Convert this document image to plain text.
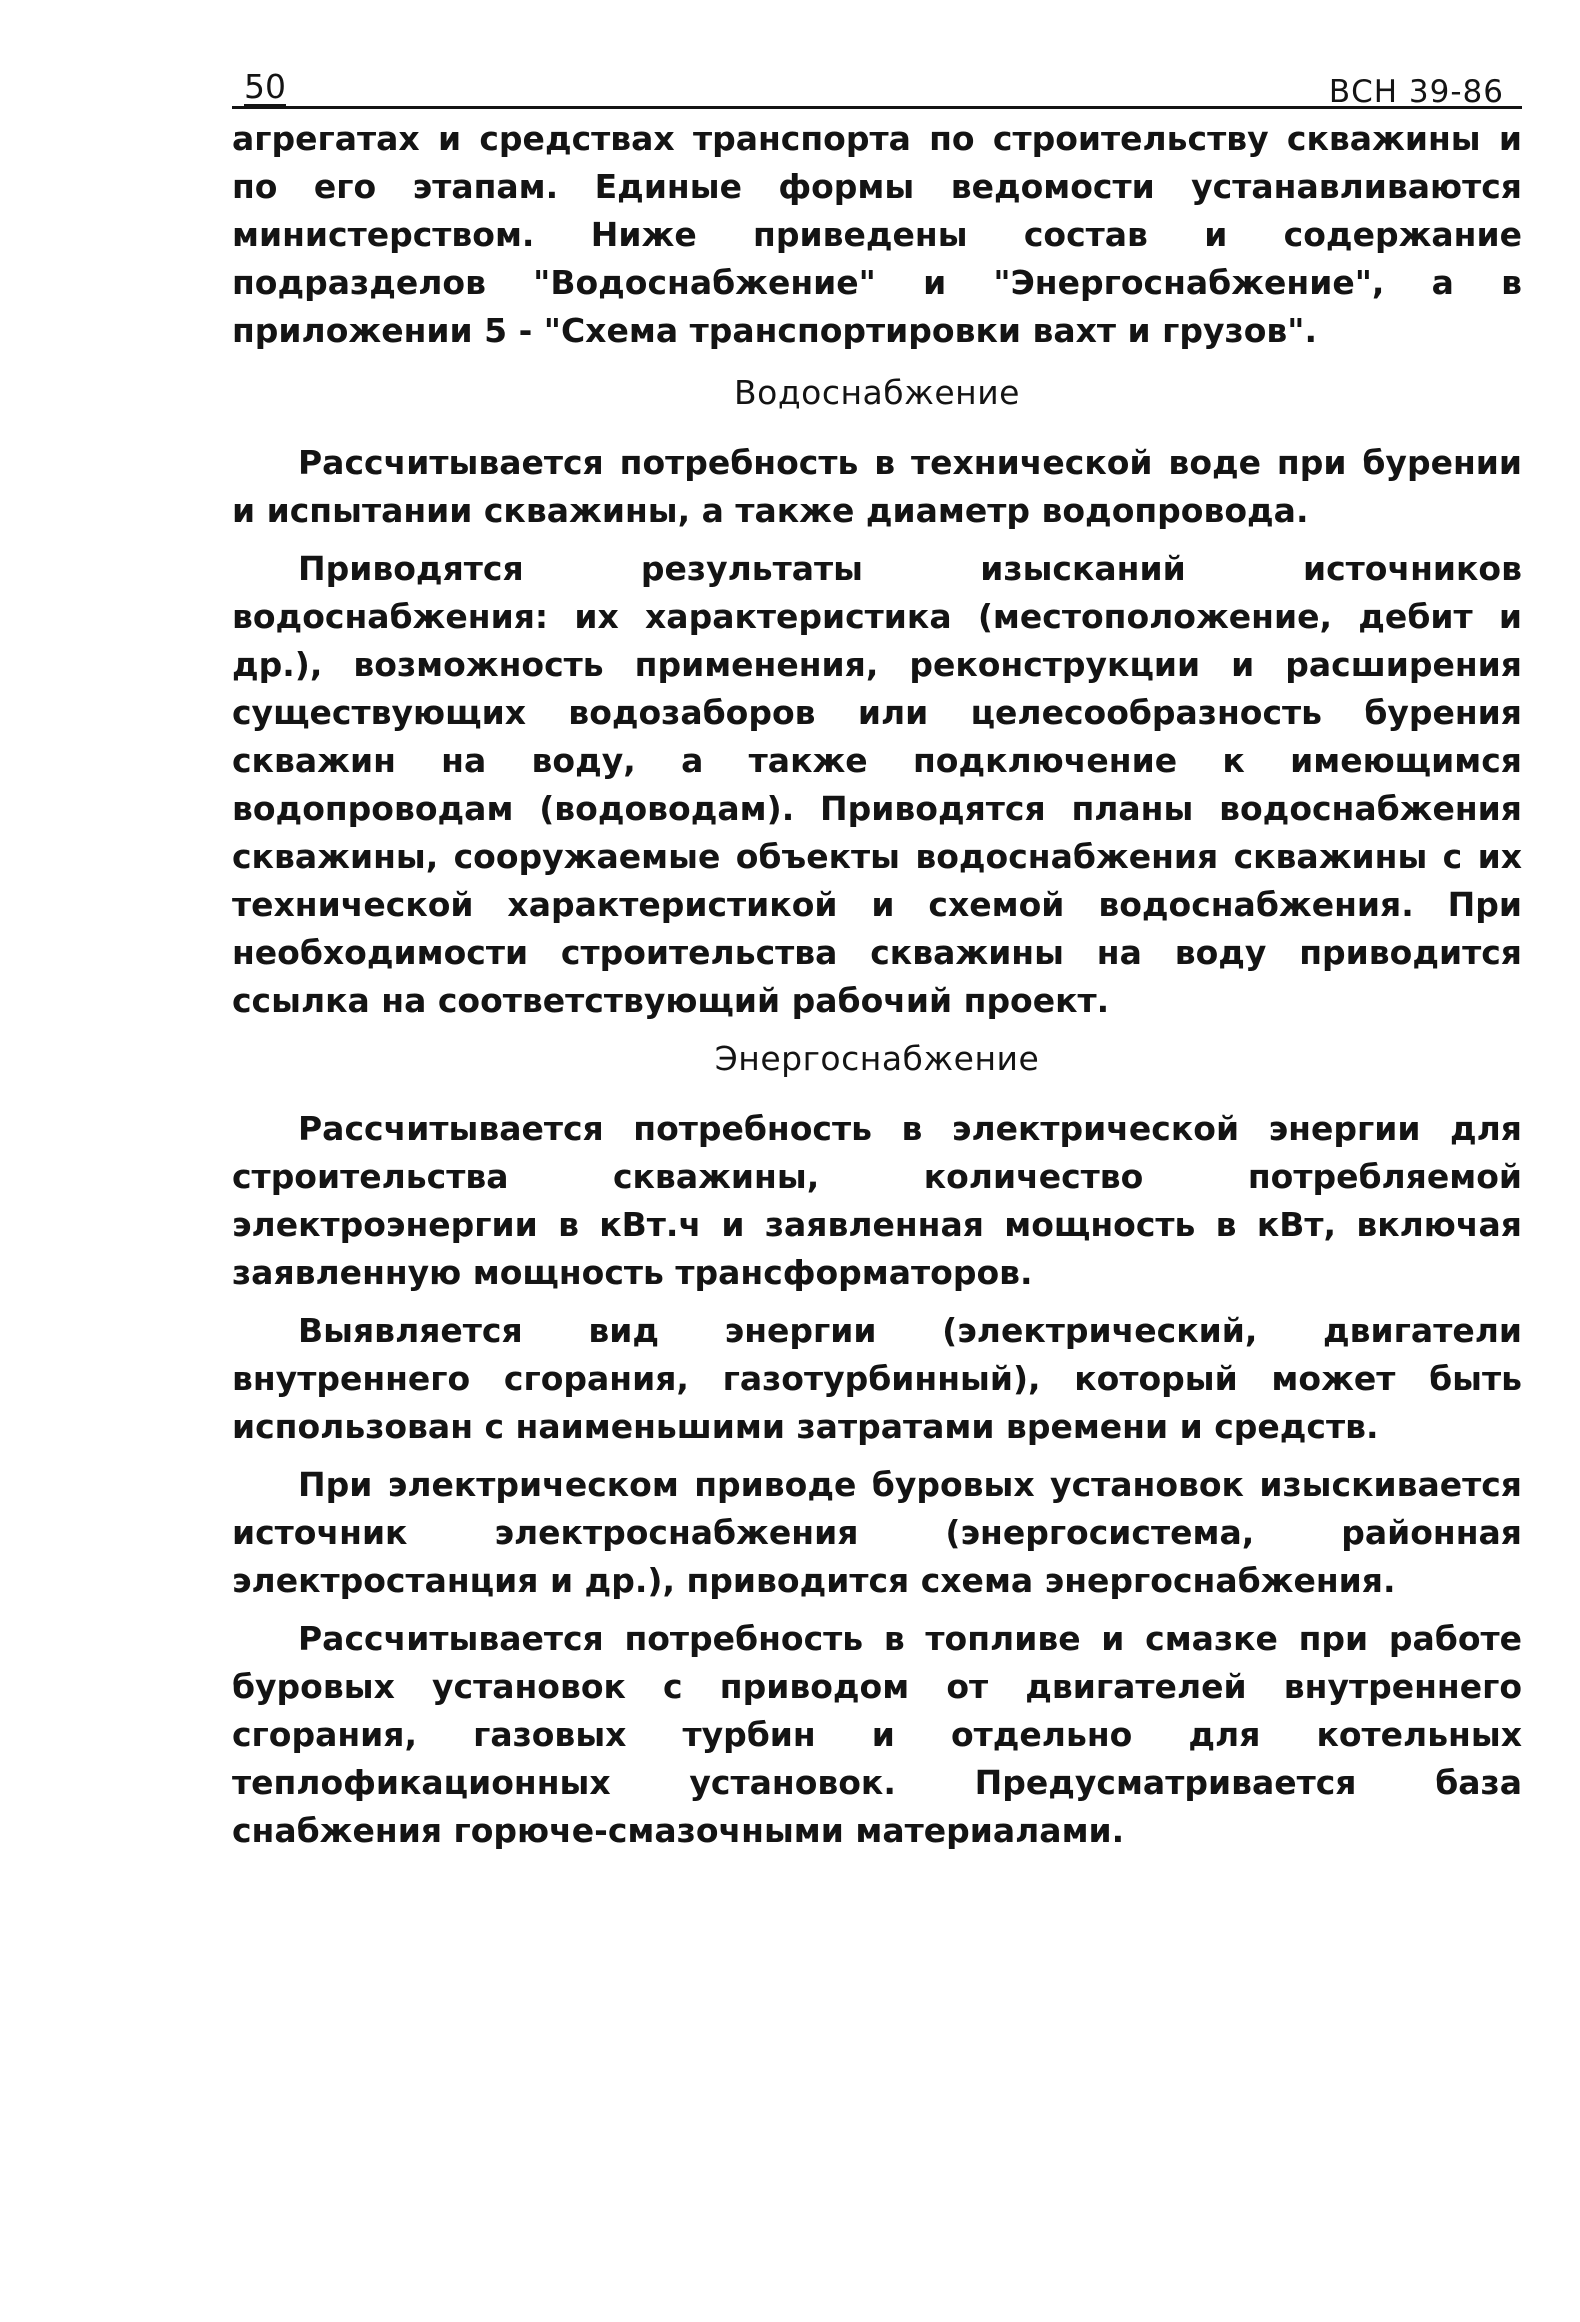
50	ВСН 39-86

агрегатах и средствах транспорта по строительству скважины и по его этапам. Единые формы ведомости устанавливаются министерством. Ниже приведены состав и содержание подразделов "Водоснабжение" и "Энергоснабжение", а в приложении 5 - "Схема транспортировки вахт и грузов".

Водоснабжение

Рассчитывается потребность в технической воде при бурении и испытании скважины, а также диаметр водопровода.

Приводятся результаты изысканий источников водоснабжения: их характеристика (местоположение, дебит и др.), возможность применения, реконструкции и расширения существующих водозаборов или целесообразность бурения скважин на воду, а также подключение к имеющимся водопроводам (водоводам). Приводятся планы водоснабжения скважины, сооружаемые объекты водоснабжения скважины с их технической характеристикой и схемой водоснабжения. При необходимости строительства скважины на воду приводится ссылка на соответствующий рабочий проект.

Энергоснабжение

Рассчитывается потребность в электрической энергии для строительства скважины, количество потребляемой электроэнергии в кВт.ч и заявленная мощность в кВт, включая заявленную мощность трансформаторов.

Выявляется вид энергии (электрический, двигатели внутреннего сгорания, газотурбинный), который может быть использован с наименьшими затратами времени и средств.

При электрическом приводе буровых установок изыскивается источник электроснабжения (энергосистема, районная электростанция и др.), приводится схема энергоснабжения.

Рассчитывается потребность в топливе и смазке при работе буровых установок с приводом от двигателей внутреннего сгорания, газовых турбин и отдельно для котельных теплофикационных установок. Предусматривается база снабжения горюче-смазочными материалами.
